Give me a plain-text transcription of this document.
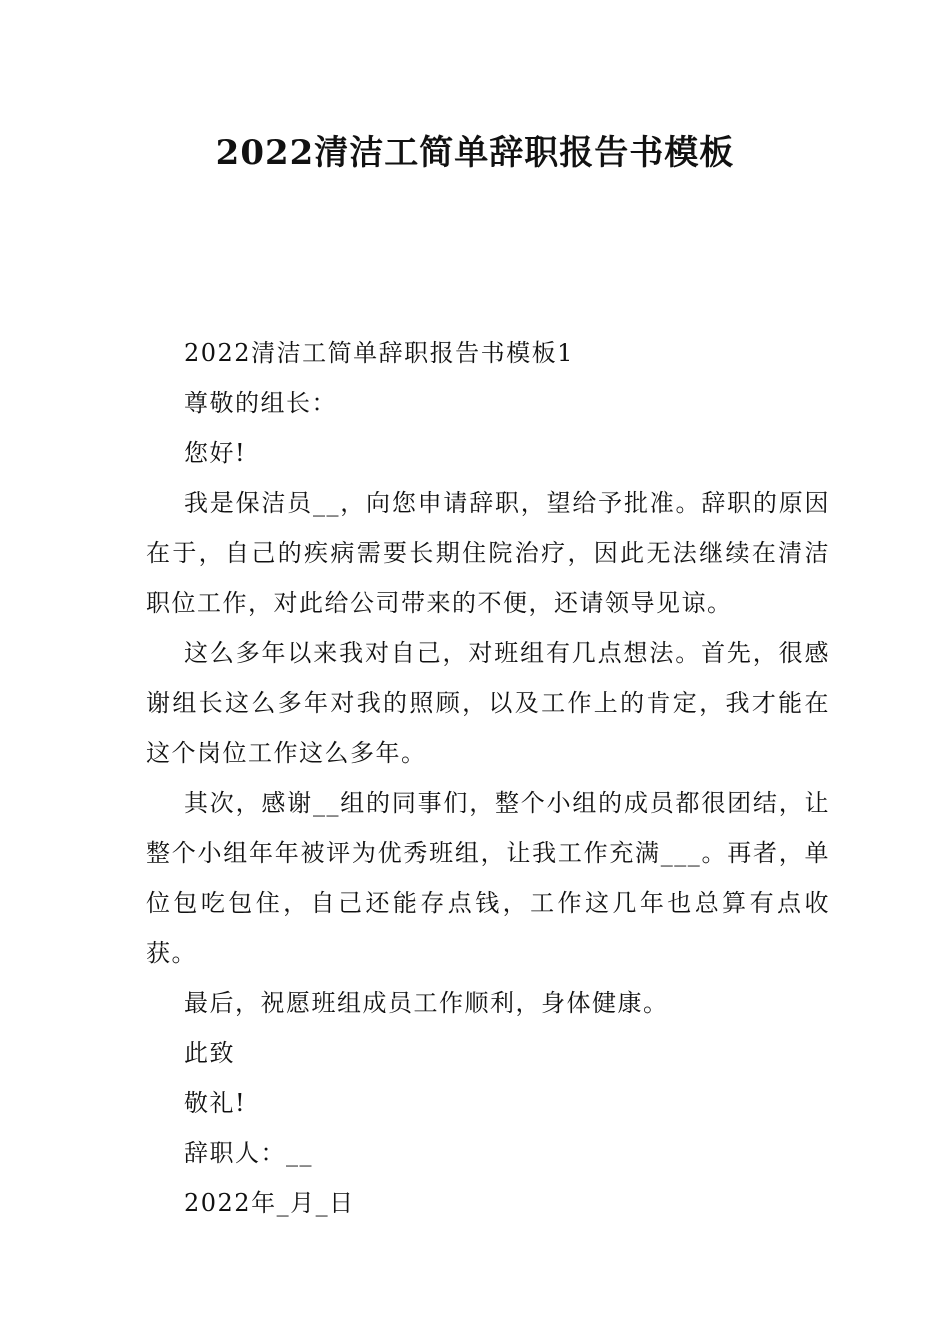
2022清洁工简单辞职报告书模板

2022清洁工简单辞职报告书模板1

尊敬的组长：

您好!

我是保洁员__，向您申请辞职，望给予批准。辞职的原因在于，自己的疾病需要长期住院治疗，因此无法继续在清洁职位工作，对此给公司带来的不便，还请领导见谅。

这么多年以来我对自己，对班组有几点想法。首先，很感谢组长这么多年对我的照顾，以及工作上的肯定，我才能在这个岗位工作这么多年。

其次，感谢__组的同事们，整个小组的成员都很团结，让整个小组年年被评为优秀班组，让我工作充满___。再者，单位包吃包住，自己还能存点钱，工作这几年也总算有点收获。

最后，祝愿班组成员工作顺利，身体健康。

此致

敬礼!

辞职人：__

2022年_月_日
